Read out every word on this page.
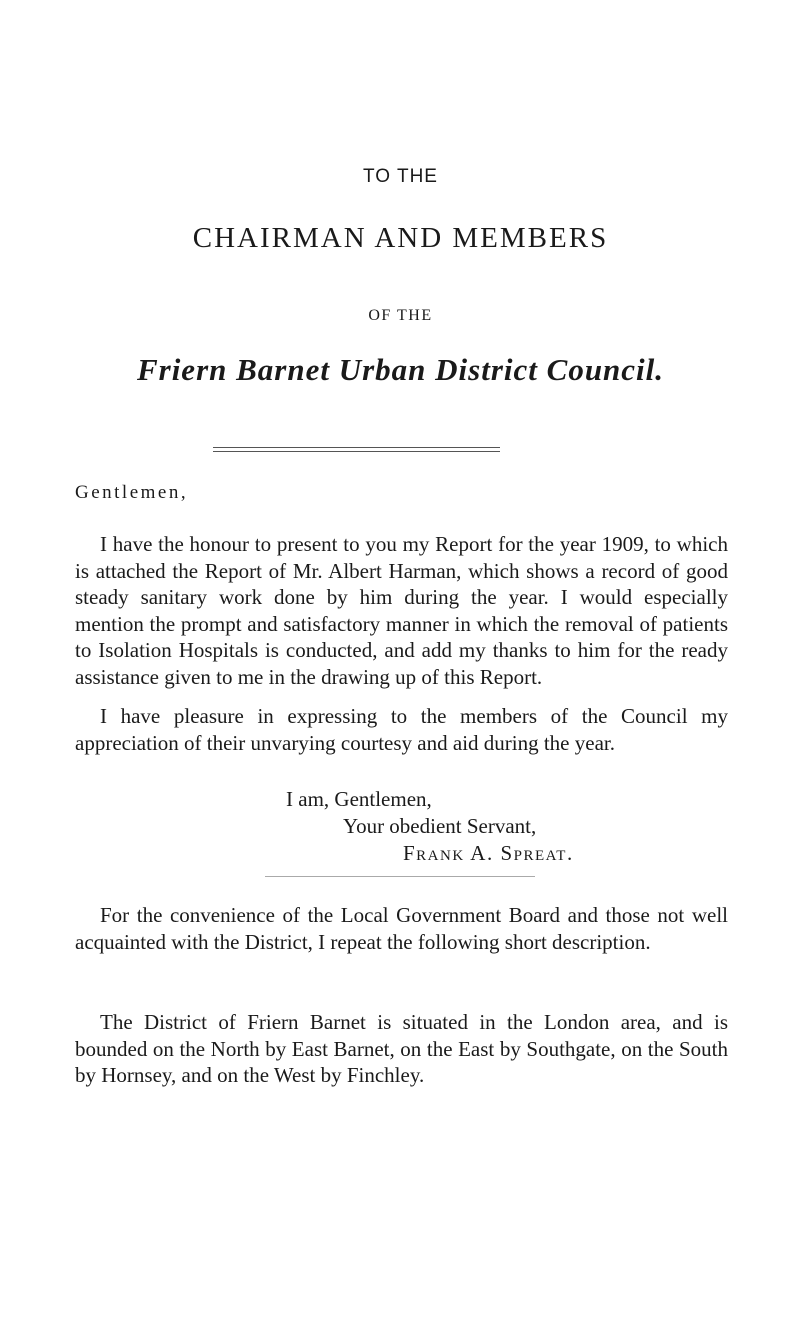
TO THE
CHAIRMAN AND MEMBERS
OF THE
Friern Barnet Urban District Council.
Gentlemen,

I have the honour to present to you my Report for the year 1909, to which is attached the Report of Mr. Albert Harman, which shows a record of good steady sanitary work done by him during the year. I would especially mention the prompt and satisfactory manner in which the removal of patients to Isolation Hospitals is conducted, and add my thanks to him for the ready assistance given to me in the drawing up of this Report.

I have pleasure in expressing to the members of the Council my appreciation of their unvarying courtesy and aid during the year.

I am, Gentlemen,
Your obedient Servant,
Frank A. Spreat.

For the convenience of the Local Government Board and those not well acquainted with the District, I repeat the following short description.

The District of Friern Barnet is situated in the London area, and is bounded on the North by East Barnet, on the East by Southgate, on the South by Hornsey, and on the West by Finchley.
